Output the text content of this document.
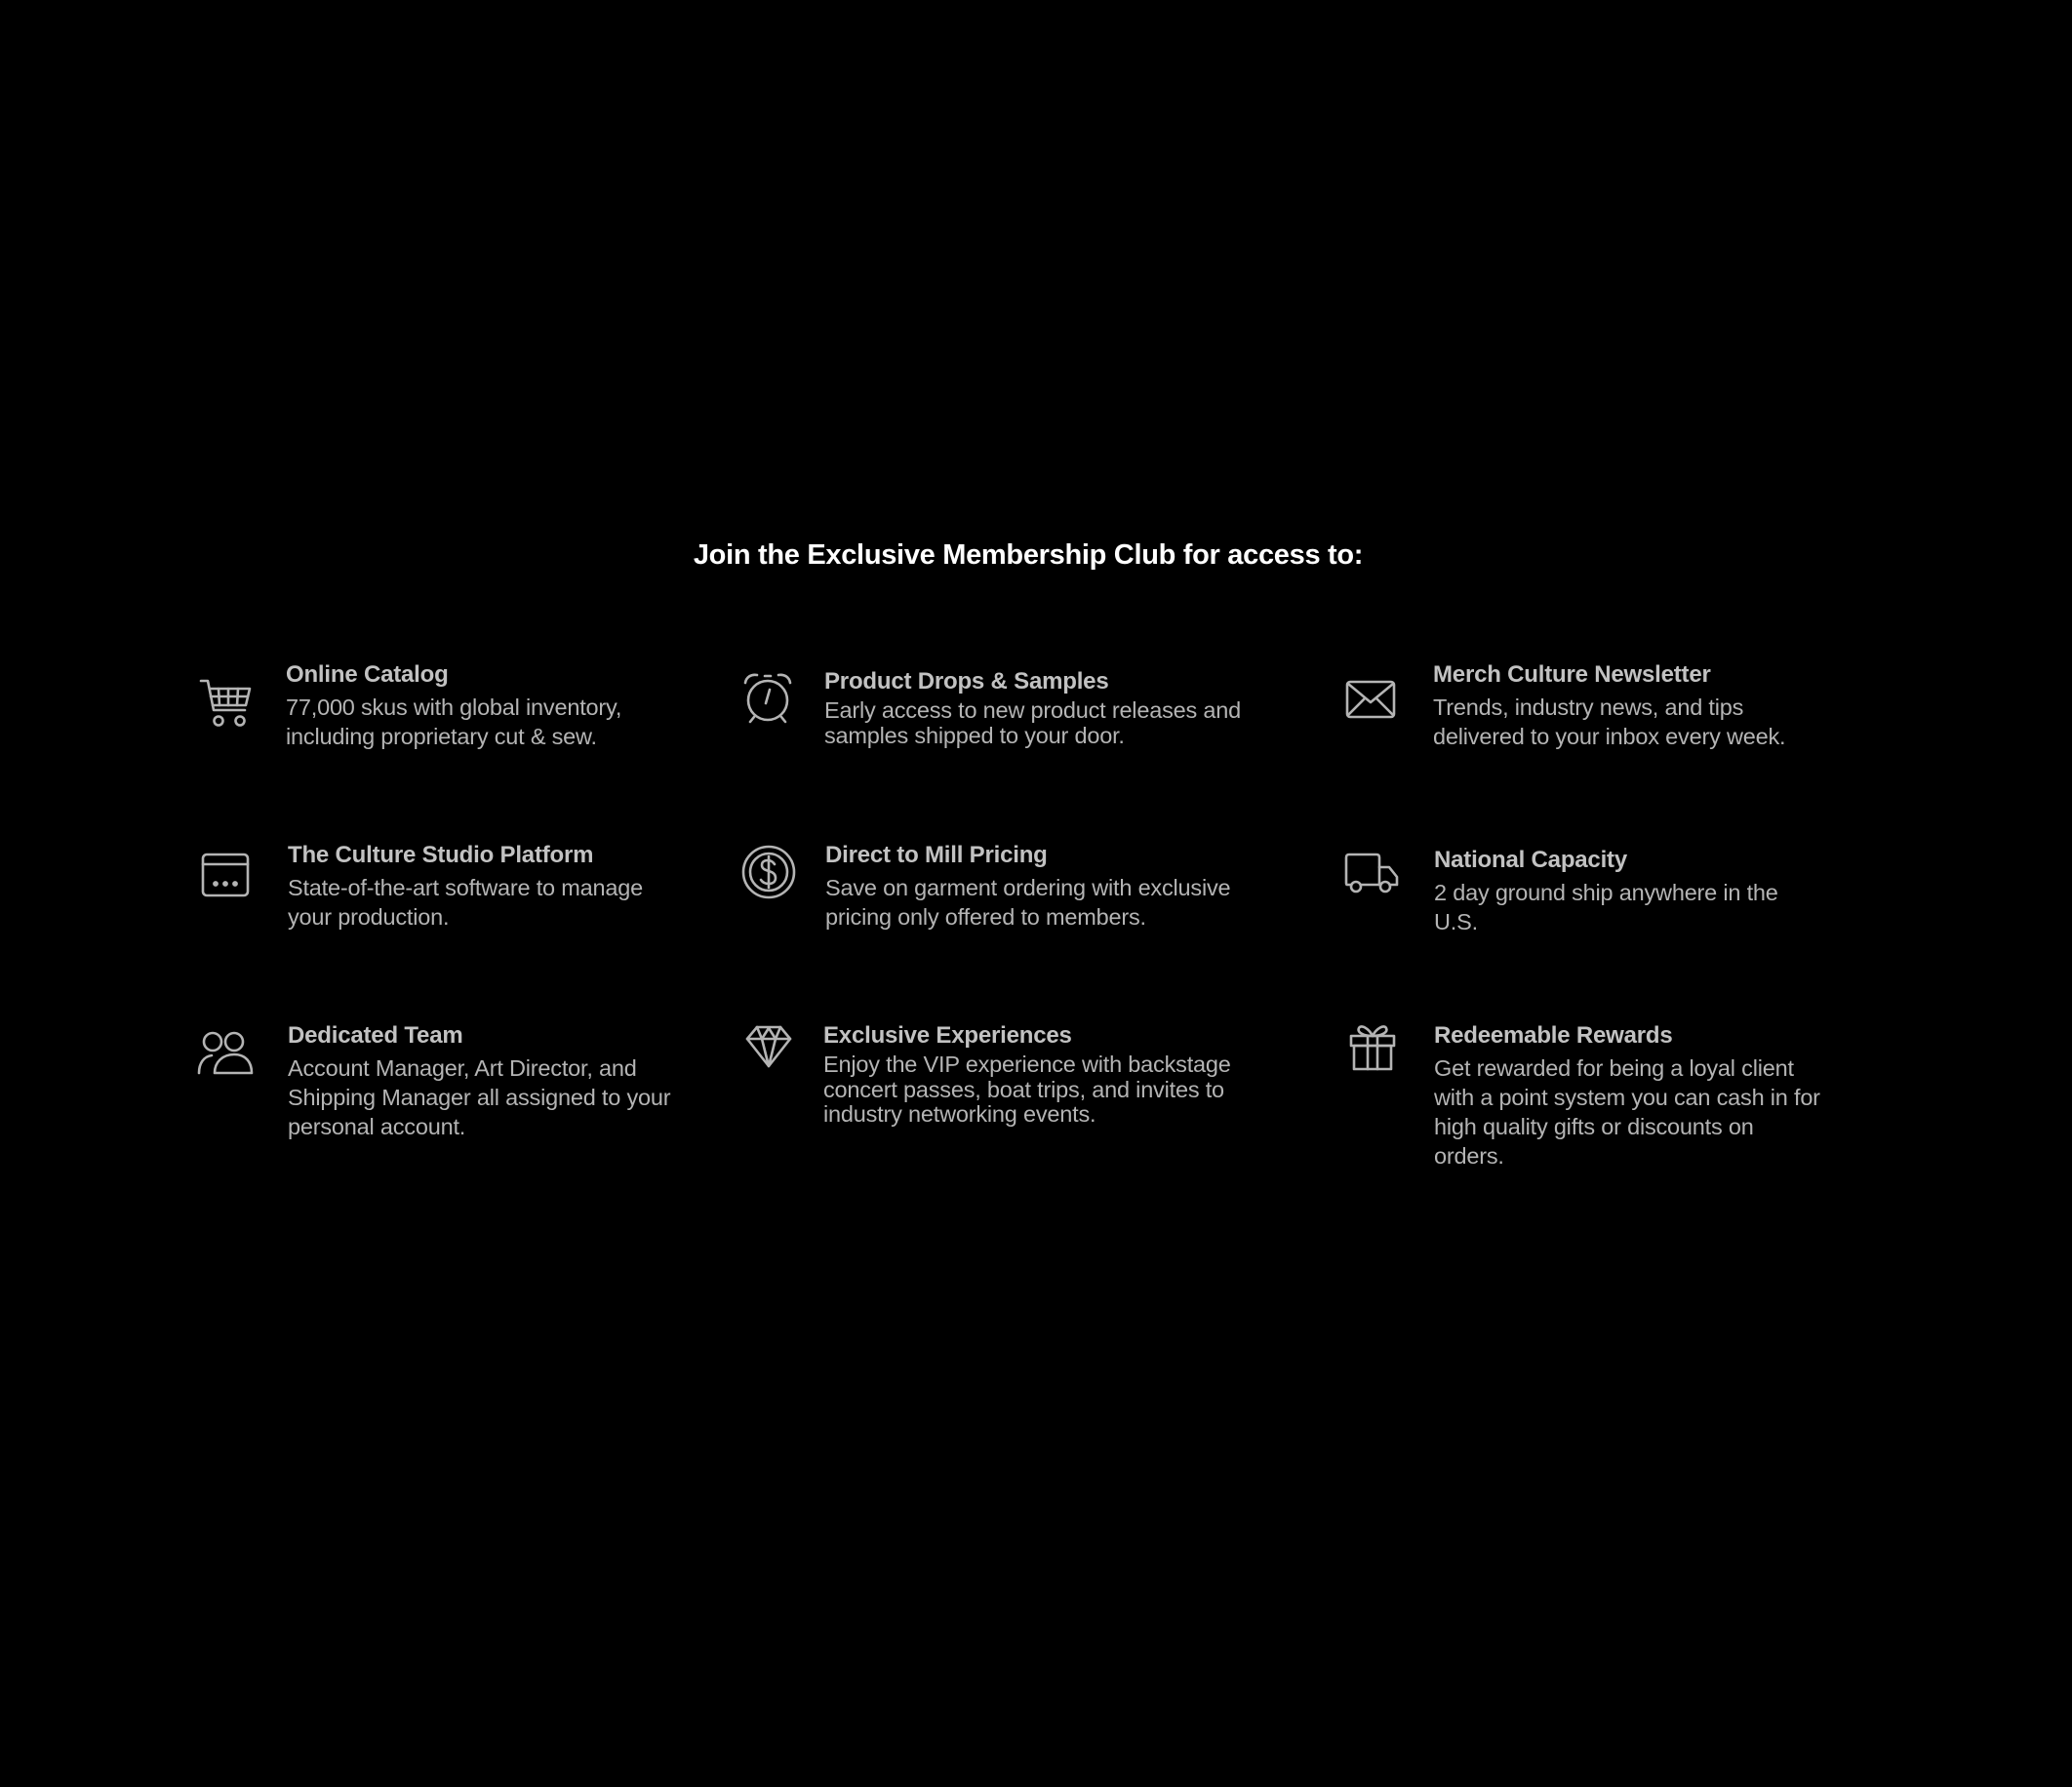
Join the Exclusive Membership Club for access to:
Online Catalog
77,000 skus with global inventory, including proprietary cut & sew.
Product Drops & Samples
Early access to new product releases and samples shipped to your door.
Merch Culture Newsletter
Trends, industry news, and tips delivered to your inbox every week.
The Culture Studio Platform
State-of-the-art software to manage your production.
Direct to Mill Pricing
Save on garment ordering with exclusive pricing only offered to members.
National Capacity
2 day ground ship anywhere in the U.S.
Dedicated Team
Account Manager, Art Director, and Shipping Manager all assigned to your personal account.
Exclusive Experiences
Enjoy the VIP experience with backstage concert passes, boat trips, and invites to industry networking events.
Redeemable Rewards
Get rewarded for being a loyal client with a point system you can cash in for high quality gifts or discounts on orders.
